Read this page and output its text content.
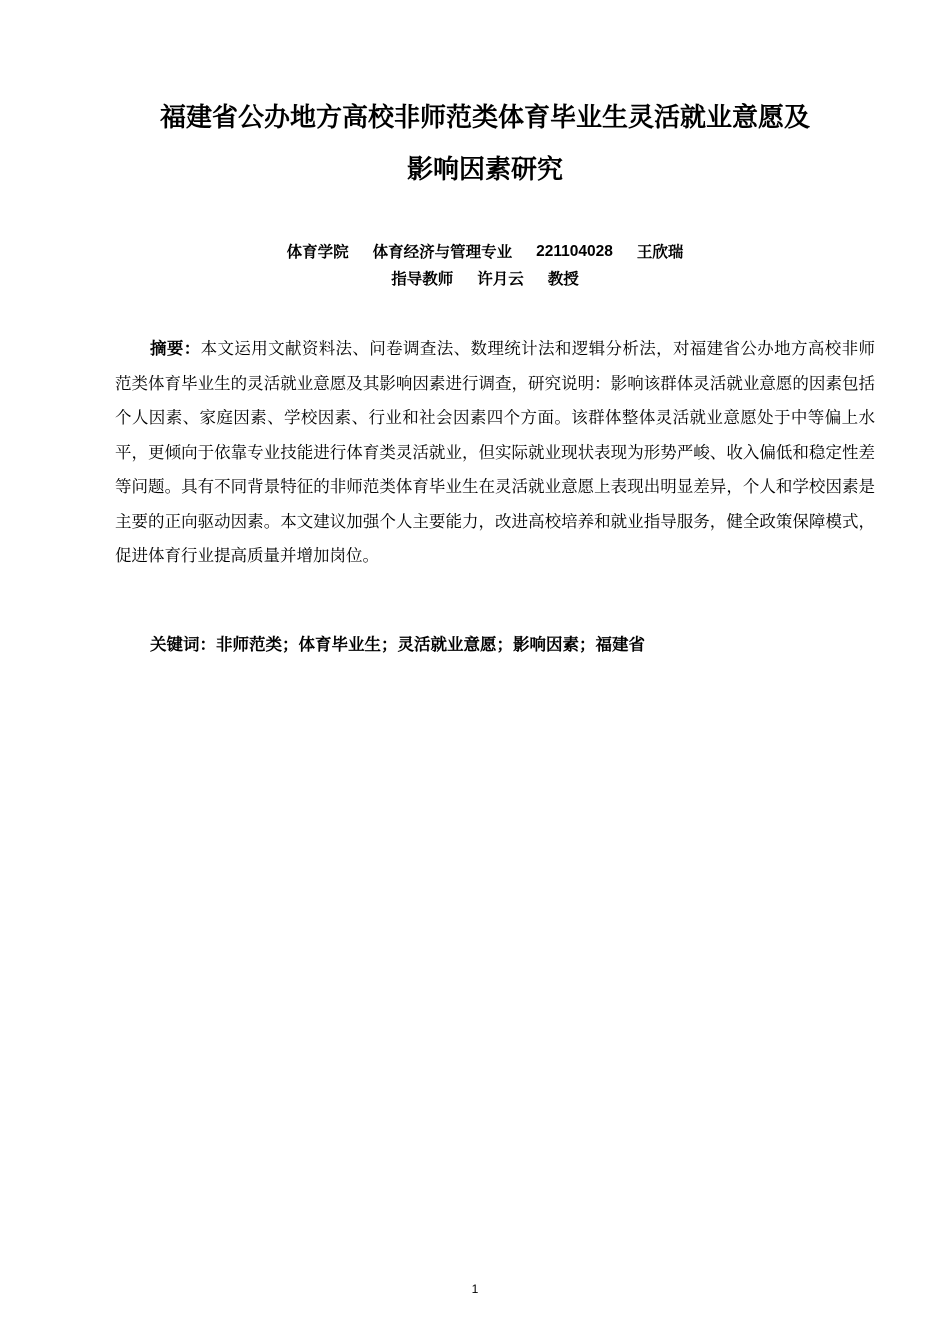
福建省公办地方高校非师范类体育毕业生灵活就业意愿及
影响因素研究
体育学院 体育经济与管理专业 221104028 王欣瑞
指导教师 许月云 教授

摘要：本文运用文献资料法、问卷调查法、数理统计法和逻辑分析法，对福建省公办地方高校非师范类体育毕业生的灵活就业意愿及其影响因素进行调查，研究说明：影响该群体灵活就业意愿的因素包括个人因素、家庭因素、学校因素、行业和社会因素四个方面。该群体整体灵活就业意愿处于中等偏上水平，更倾向于依靠专业技能进行体育类灵活就业，但实际就业现状表现为形势严峻、收入偏低和稳定性差等问题。具有不同背景特征的非师范类体育毕业生在灵活就业意愿上表现出明显差异，个人和学校因素是主要的正向驱动因素。本文建议加强个人主要能力，改进高校培养和就业指导服务，健全政策保障模式，促进体育行业提高质量并增加岗位。

关键词：非师范类；体育毕业生；灵活就业意愿；影响因素；福建省

1
